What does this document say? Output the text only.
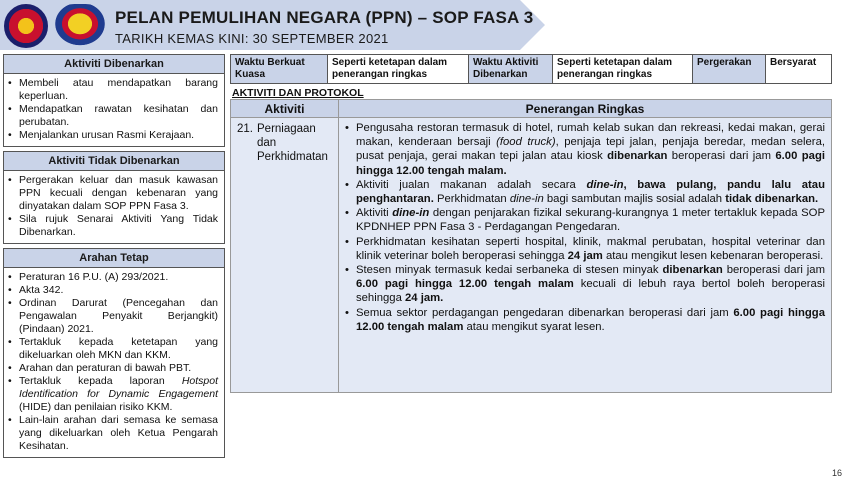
PELAN PEMULIHAN NEGARA (PPN) – SOP FASA 3
TARIKH KEMAS KINI: 30 SEPTEMBER 2021
Aktiviti Dibenarkan
• Membeli atau mendapatkan barang keperluan.
• Mendapatkan rawatan kesihatan dan perubatan.
• Menjalankan urusan Rasmi Kerajaan.
Aktiviti Tidak Dibenarkan
• Pergerakan keluar dan masuk kawasan PPN kecuali dengan kebenaran yang dinyatakan dalam SOP PPN Fasa 3.
• Sila rujuk Senarai Aktiviti Yang Tidak Dibenarkan.
Arahan Tetap
• Peraturan 16 P.U. (A) 293/2021.
• Akta 342.
• Ordinan Darurat (Pencegahan dan Pengawalan Penyakit Berjangkit) (Pindaan) 2021.
• Tertakluk kepada ketetapan yang dikeluarkan oleh MKN dan KKM.
• Arahan dan peraturan di bawah PBT.
• Tertakluk kepada laporan Hotspot Identification for Dynamic Engagement (HIDE) dan penilaian risiko KKM.
• Lain-lain arahan dari semasa ke semasa yang dikeluarkan oleh Ketua Pengarah Kesihatan.
Waktu Berkuat Kuasa
Seperti ketetapan dalam penerangan ringkas
Waktu Aktiviti Dibenarkan
Seperti ketetapan dalam penerangan ringkas
Pergerakan	Bersyarat
AKTIVITI DAN PROTOKOL
Aktiviti	Penerangan Ringkas
21. Perniagaan dan Perkhidmatan
• Pengusaha restoran termasuk di hotel, rumah kelab sukan dan rekreasi, kedai makan, gerai makan, kenderaan bersaji (food truck), penjaja tepi jalan, penjaja beredar, medan selera, pusat penjaja, gerai makan tepi jalan atau kiosk dibenarkan beroperasi dari jam 6.00 pagi hingga 12.00 tengah malam.
• Aktiviti jualan makanan adalah secara dine-in, bawa pulang, pandu lalu atau penghantaran. Perkhidmatan dine-in bagi sambutan majlis sosial adalah tidak dibenarkan.
• Aktiviti dine-in dengan penjarakan fizikal sekurang-kurangnya 1 meter tertakluk kepada SOP KPDNHEP PPN Fasa 3 - Perdagangan Pengedaran.
• Perkhidmatan kesihatan seperti hospital, klinik, makmal perubatan, hospital veterinar dan klinik veterinar boleh beroperasi sehingga 24 jam atau mengikut lesen kebenaran beroperasi.
• Stesen minyak termasuk kedai serbaneka di stesen minyak dibenarkan beroperasi dari jam 6.00 pagi hingga 12.00 tengah malam kecuali di lebuh raya bertol boleh beroperasi sehingga 24 jam.
• Semua sektor perdagangan pengedaran dibenarkan beroperasi dari jam 6.00 pagi hingga 12.00 tengah malam atau mengikut syarat lesen.
16
